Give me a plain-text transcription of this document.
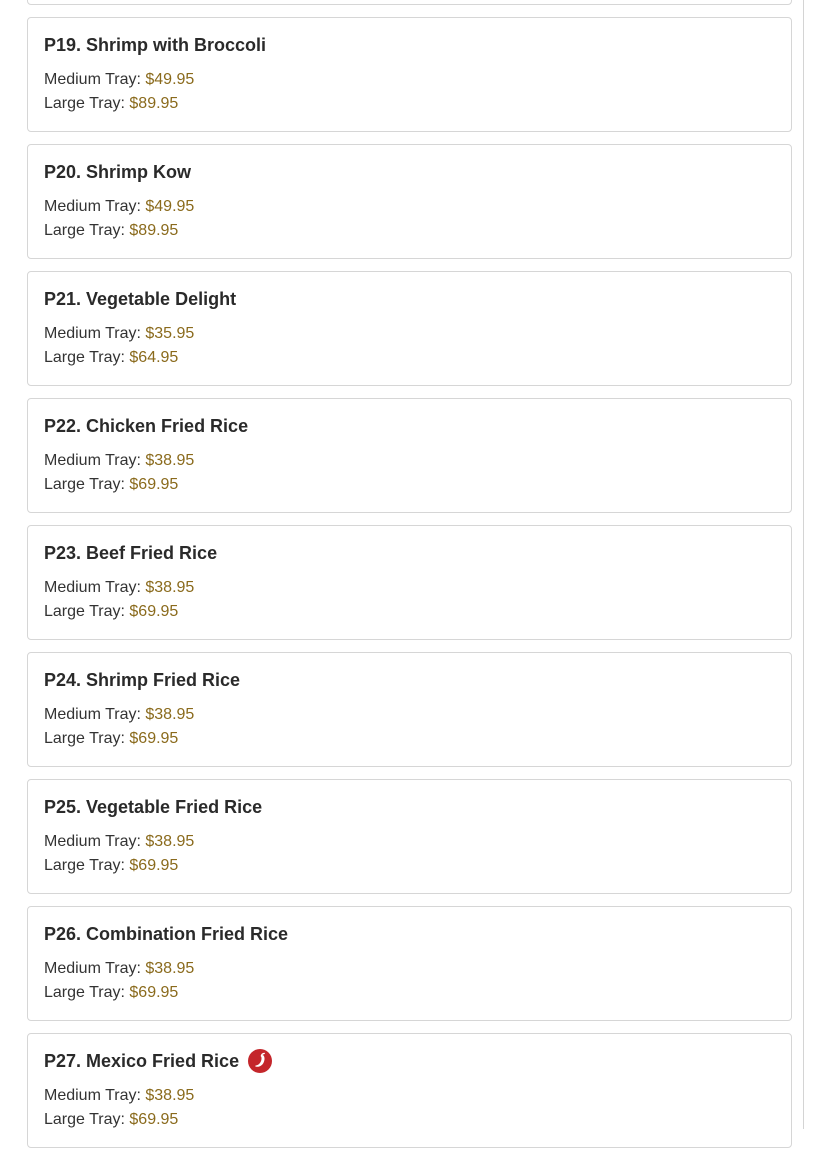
P19. Shrimp with Broccoli
Medium Tray: $49.95
Large Tray: $89.95
P20. Shrimp Kow
Medium Tray: $49.95
Large Tray: $89.95
P21. Vegetable Delight
Medium Tray: $35.95
Large Tray: $64.95
P22. Chicken Fried Rice
Medium Tray: $38.95
Large Tray: $69.95
P23. Beef Fried Rice
Medium Tray: $38.95
Large Tray: $69.95
P24. Shrimp Fried Rice
Medium Tray: $38.95
Large Tray: $69.95
P25. Vegetable Fried Rice
Medium Tray: $38.95
Large Tray: $69.95
P26. Combination Fried Rice
Medium Tray: $38.95
Large Tray: $69.95
P27. Mexico Fried Rice
Medium Tray: $38.95
Large Tray: $69.95
